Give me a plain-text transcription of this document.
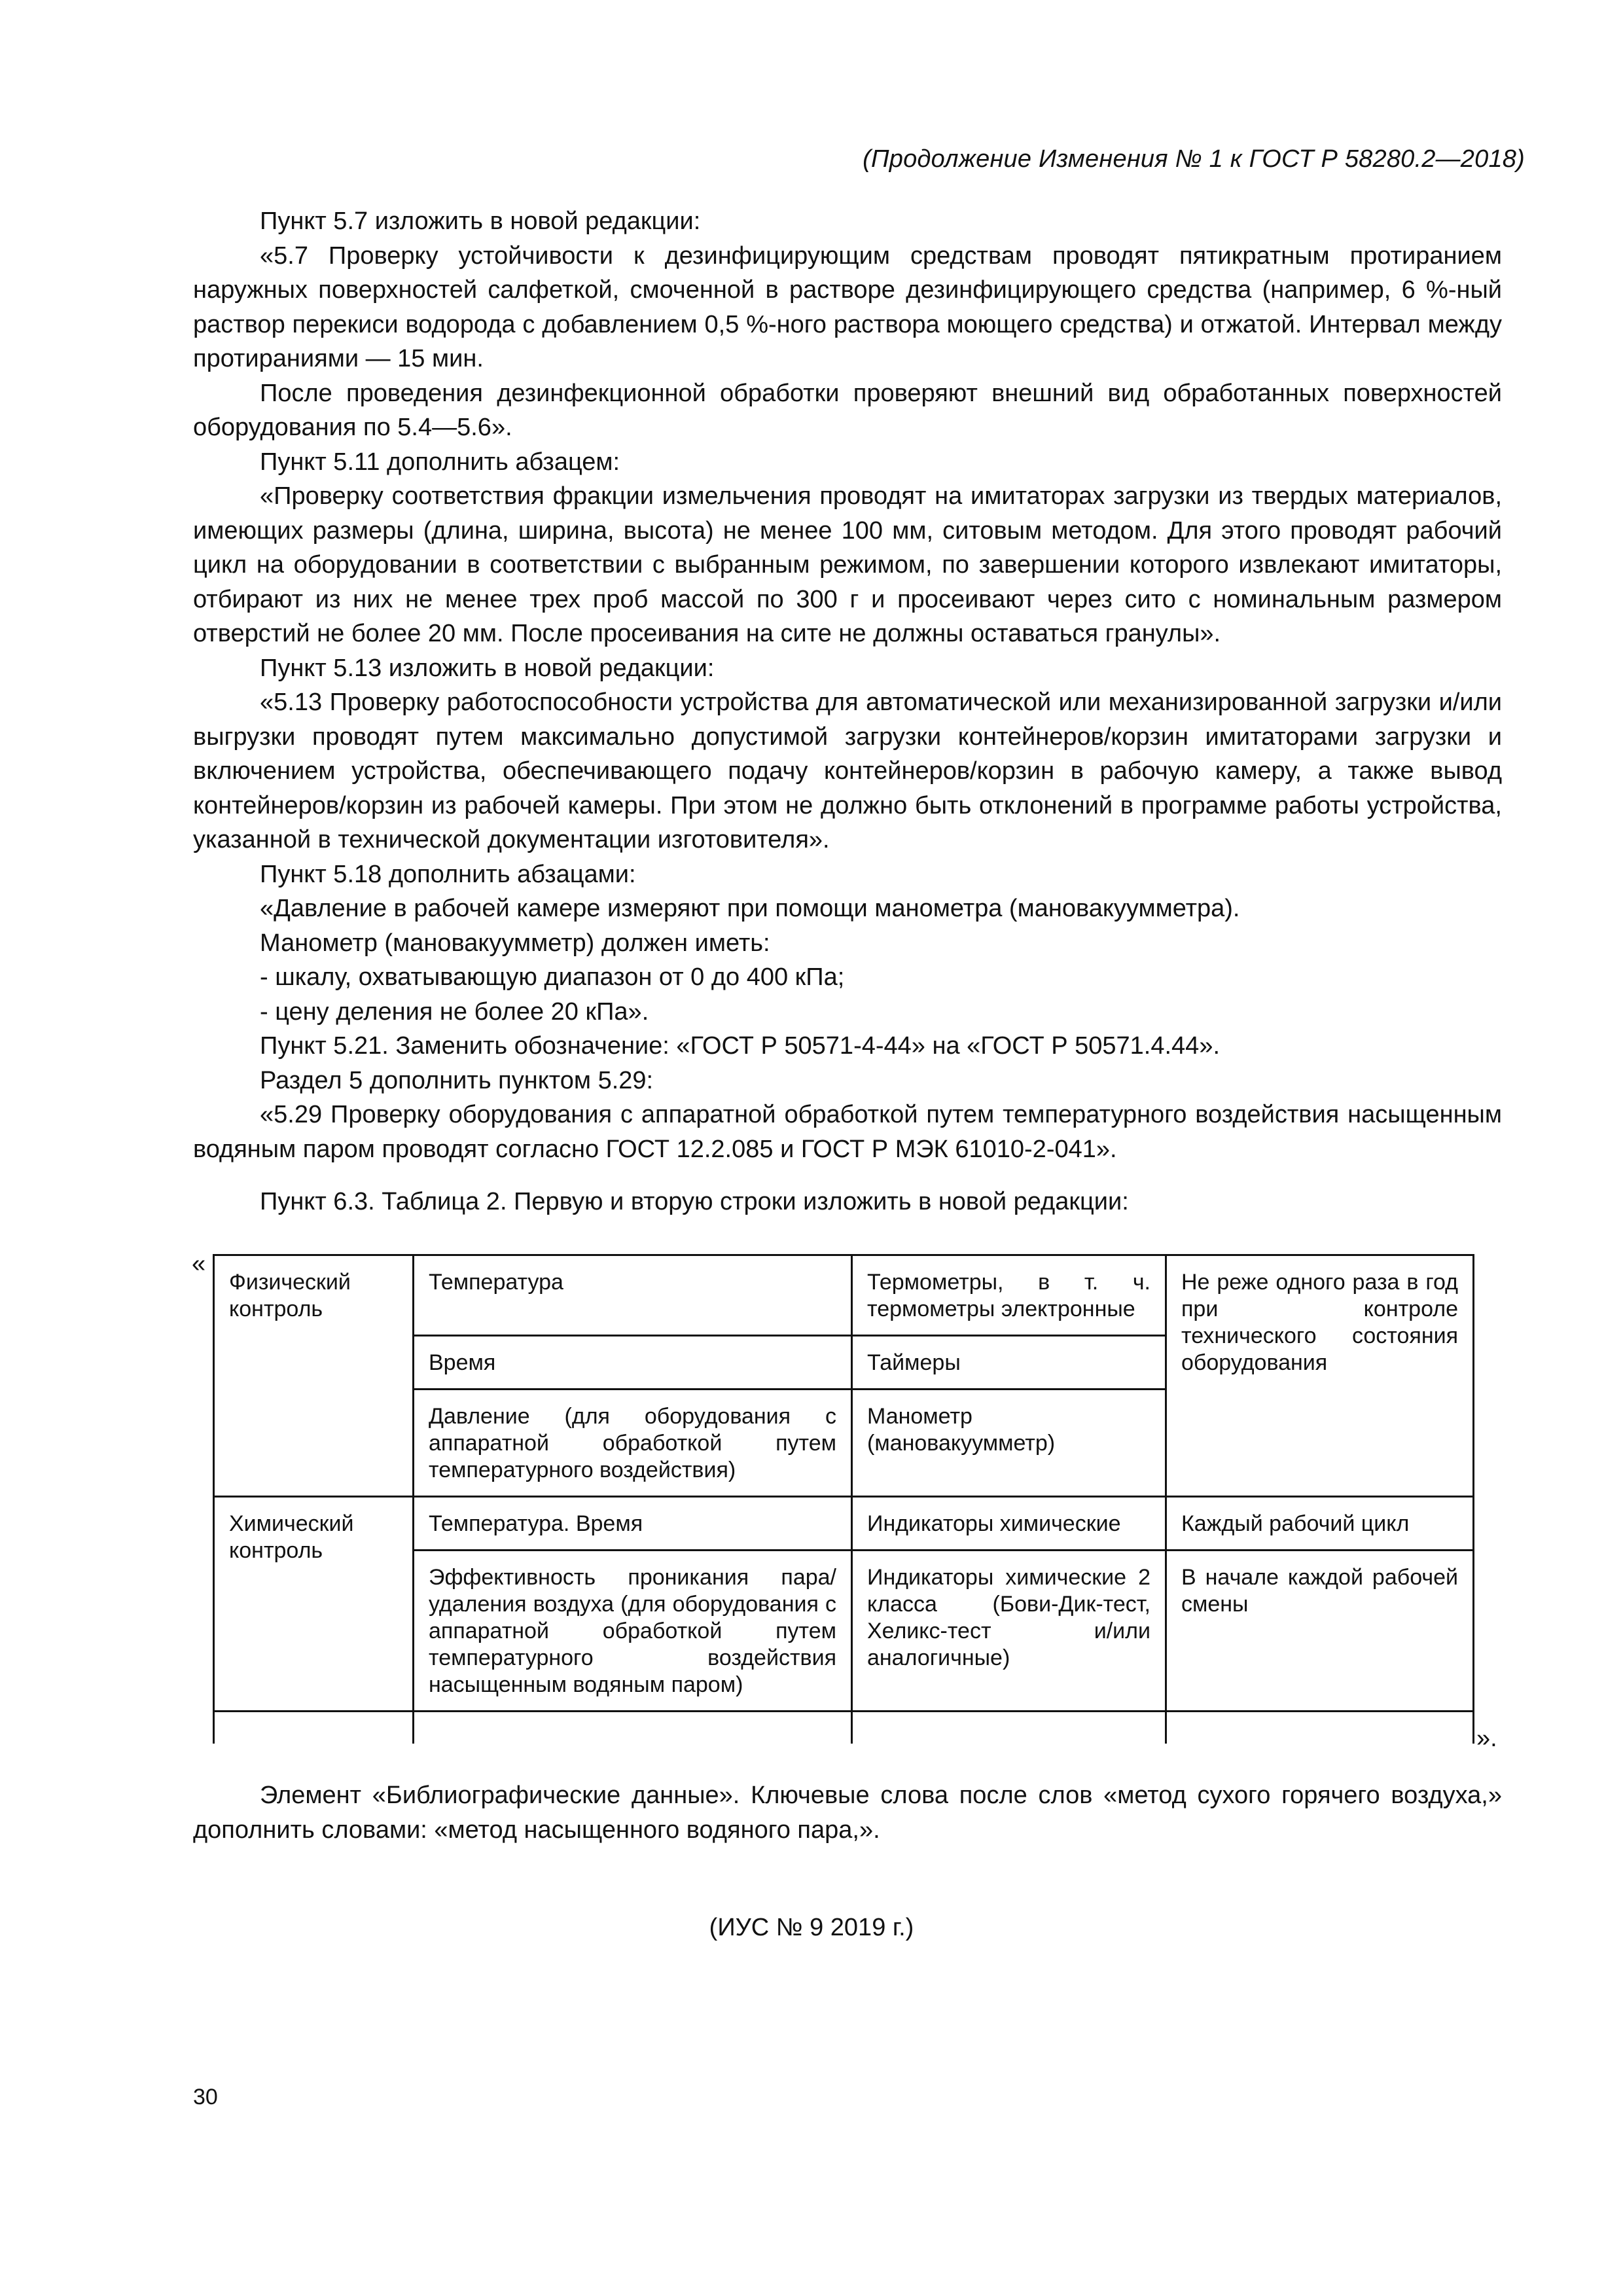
(Продолжение Изменения № 1 к ГОСТ Р 58280.2—2018)

Пункт 5.7 изложить в новой редакции:

«5.7 Проверку устойчивости к дезинфицирующим средствам проводят пятикратным протиранием наружных поверхностей салфеткой, смоченной в растворе дезинфицирующего средства (например, 6 %-ный раствор перекиси водорода с добавлением 0,5 %-ного раствора моющего средства) и отжатой. Интервал между протираниями — 15 мин.

После проведения дезинфекционной обработки проверяют внешний вид обработанных поверхностей оборудования по 5.4—5.6».

Пункт 5.11 дополнить абзацем:

«Проверку соответствия фракции измельчения проводят на имитаторах загрузки из твердых материалов, имеющих размеры (длина, ширина, высота) не менее 100 мм, ситовым методом. Для этого проводят рабочий цикл на оборудовании в соответствии с выбранным режимом, по завершении которого извлекают имитаторы, отбирают из них не менее трех проб массой по 300 г и просеивают через сито с номинальным размером отверстий не более 20 мм. После просеивания на сите не должны оставаться гранулы».

Пункт 5.13 изложить в новой редакции:

«5.13 Проверку работоспособности устройства для автоматической или механизированной загрузки и/или выгрузки проводят путем максимально допустимой загрузки контейнеров/корзин имитаторами загрузки и включением устройства, обеспечивающего подачу контейнеров/корзин в рабочую камеру, а также вывод контейнеров/корзин из рабочей камеры. При этом не должно быть отклонений в программе работы устройства, указанной в технической документации изготовителя».

Пункт 5.18 дополнить абзацами:

«Давление в рабочей камере измеряют при помощи манометра (мановакуумметра).

Манометр (мановакуумметр) должен иметь:

- шкалу, охватывающую диапазон от 0 до 400 кПа;

- цену деления не более 20 кПа».

Пункт 5.21. Заменить обозначение: «ГОСТ Р 50571-4-44» на «ГОСТ Р 50571.4.44».

Раздел 5 дополнить пунктом 5.29:

«5.29 Проверку оборудования с аппаратной обработкой путем температурного воздействия насыщенным водяным паром проводят согласно ГОСТ 12.2.085 и ГОСТ Р МЭК 61010-2-041».

Пункт 6.3. Таблица 2. Первую и вторую строки изложить в новой редакции:

«
Физический контроль	Температура	Термометры, в т. ч. термометры электронные	Не реже одного раза в год при контроле технического состояния оборудования
	Время	Таймеры	
	Давление (для оборудования с аппаратной обработкой путем температурного воздействия)	Манометр (мановакуумметр)	
Химический контроль	Температура. Время	Индикаторы химические	Каждый рабочий цикл
	Эффективность проникания пара/удаления воздуха (для оборудования с аппаратной обработкой путем температурного воздействия насыщенным водяным паром)	Индикаторы химические 2 класса (Бови-Дик-тест, Хеликс-тест и/или аналогичные)	В начале каждой рабочей смены

».

Элемент «Библиографические данные». Ключевые слова после слов «метод сухого горячего воздуха,» дополнить словами: «метод насыщенного водяного пара,».

(ИУС № 9 2019 г.)
30
